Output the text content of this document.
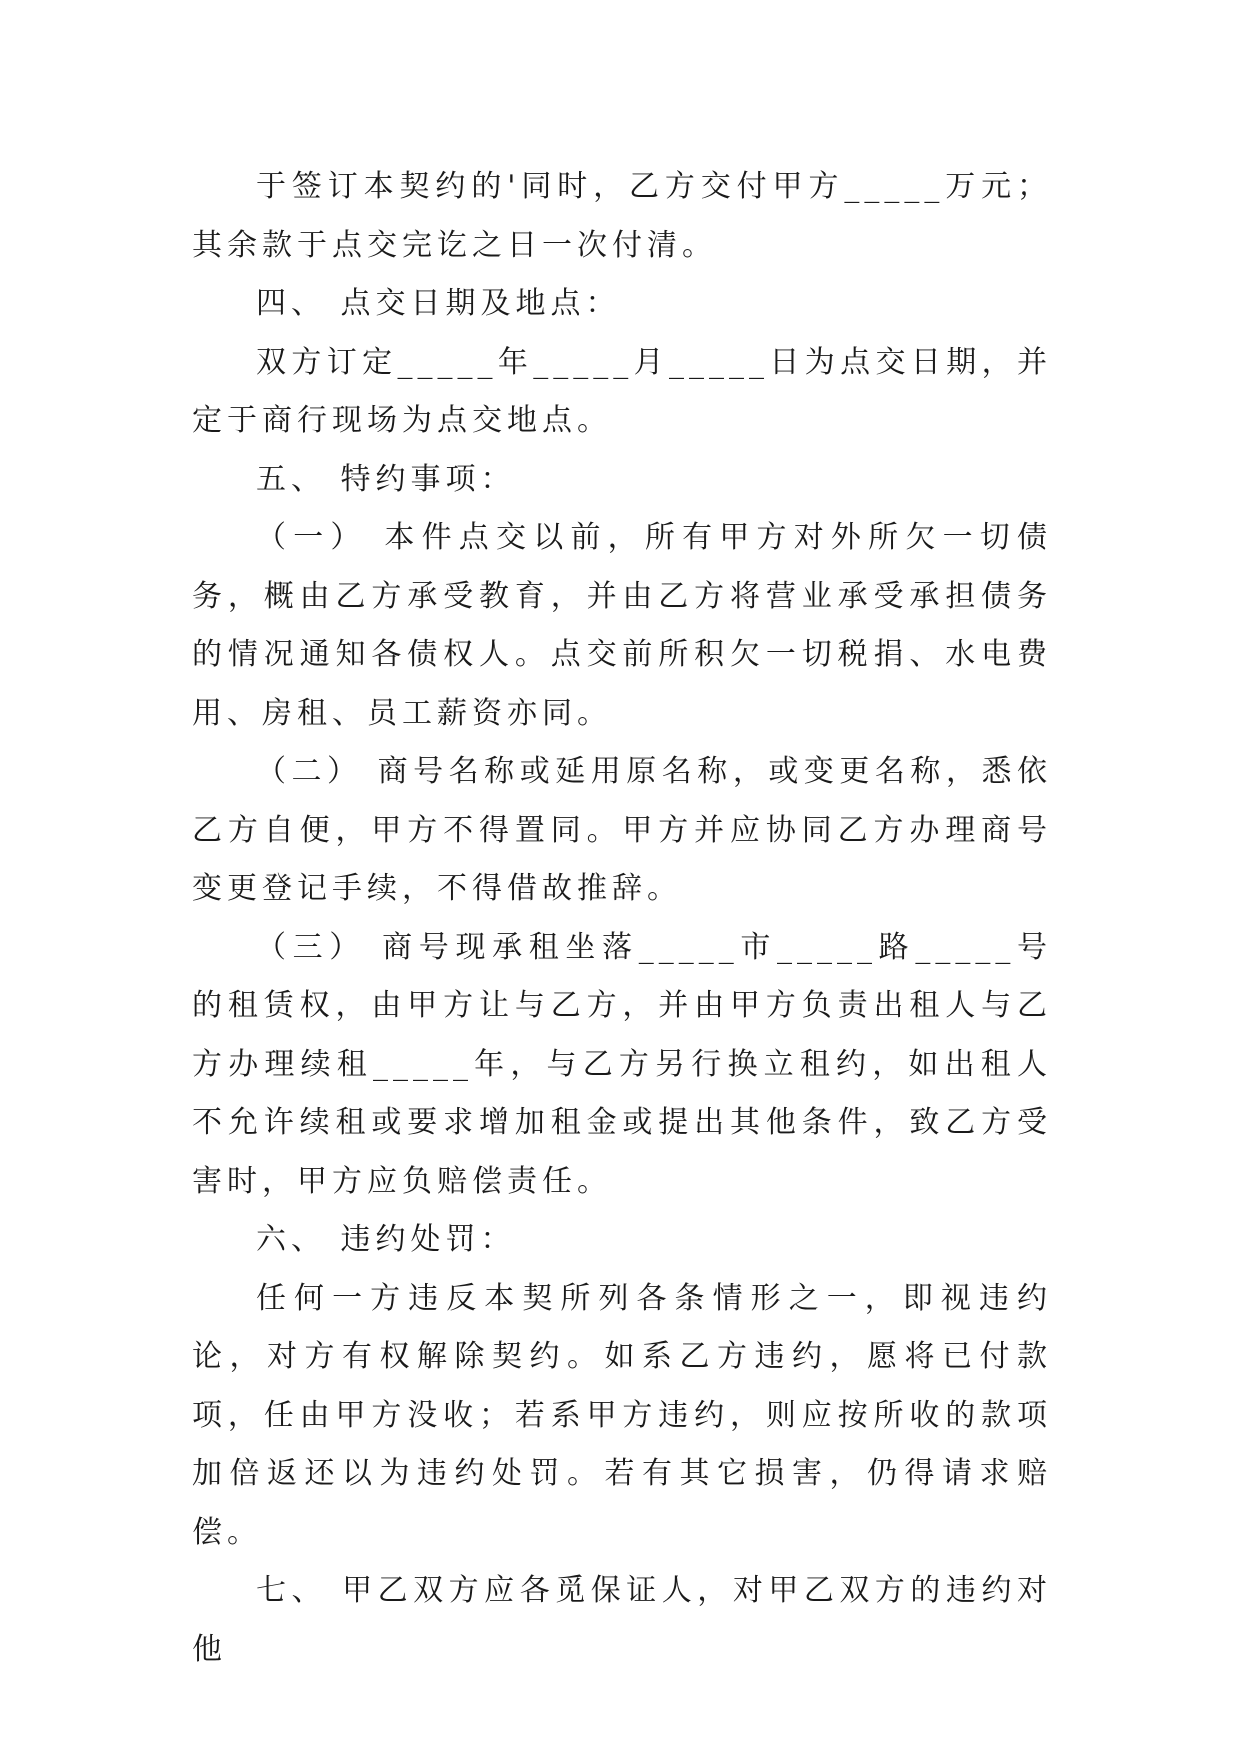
于签订本契约的'同时，乙方交付甲方_____万元；其余款于点交完讫之日一次付清。

四、 点交日期及地点：

双方订定_____年_____月_____日为点交日期，并定于商行现场为点交地点。

五、 特约事项：

（一） 本件点交以前，所有甲方对外所欠一切债务，概由乙方承受教育，并由乙方将营业承受承担债务的情况通知各债权人。点交前所积欠一切税捐、水电费用、房租、员工薪资亦同。

（二） 商号名称或延用原名称，或变更名称，悉依乙方自便，甲方不得置同。甲方并应协同乙方办理商号变更登记手续，不得借故推辞。

（三） 商号现承租坐落_____市_____路_____号的租赁权，由甲方让与乙方，并由甲方负责出租人与乙方办理续租_____年，与乙方另行换立租约，如出租人不允许续租或要求增加租金或提出其他条件，致乙方受害时，甲方应负赔偿责任。

六、 违约处罚：

任何一方违反本契所列各条情形之一，即视违约论，对方有权解除契约。如系乙方违约，愿将已付款项，任由甲方没收；若系甲方违约，则应按所收的款项加倍返还以为违约处罚。若有其它损害，仍得请求赔偿。

七、 甲乙双方应各觅保证人，对甲乙双方的违约对他
